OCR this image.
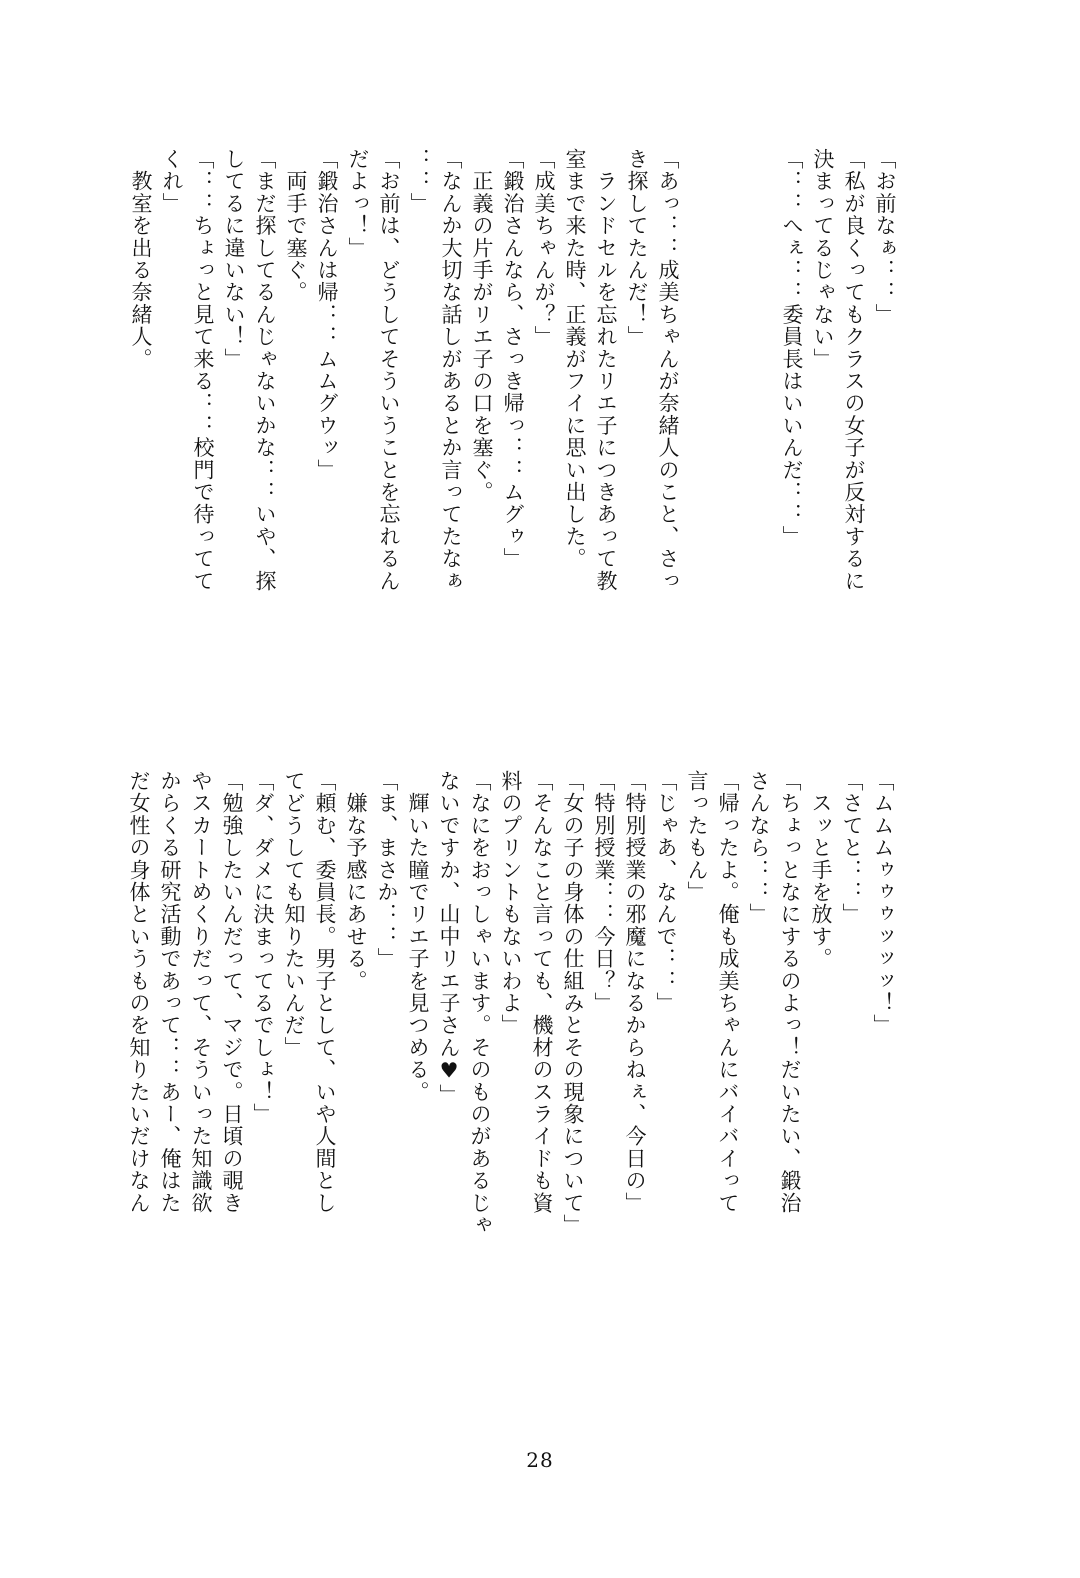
「お前なぁ：：」
「私が良くってもクラスの女子が反対するに
決まってるじゃない」
「：：へぇ：：委員長はいいんだ：：」

「あっ：：成美ちゃんが奈緒人のこと、さっ
き探してたんだ！」
　ランドセルを忘れたリエ子につきあって教
室まで来た時、正義がフイに思い出した。
「成美ちゃんが？」
「鍛治さんなら、さっき帰っ：：ムグゥ」
　正義の片手がリエ子の口を塞ぐ。
「なんか大切な話しがあるとか言ってたなぁ
：：」
「お前は、どうしてそういうことを忘れるん
だよっ！」
「鍛治さんは帰：：ムムグウッ」
　両手で塞ぐ。
「まだ探してるんじゃないかな：：いや、探
してるに違いない！」
「：：ちょっと見て来る：：校門で待ってて
くれ」
　教室を出る奈緒人。
「ムムムゥゥゥッッッ！」
「さてと：：」
　スッと手を放す。
「ちょっとなにするのよっ！だいたい、鍛治
さんなら：：」
「帰ったよ。俺も成美ちゃんにバイバイって
言ったもん」
「じゃあ、なんで：：」
「特別授業の邪魔になるからねぇ、今日の」
「特別授業：：今日？」
「女の子の身体の仕組みとその現象について」
「そんなこと言っても、機材のスライドも資
料のプリントもないわよ」
「なにをおっしゃいます。そのものがあるじゃ
ないですか、山中リエ子さん♥」
　輝いた瞳でリエ子を見つめる。
「ま、まさか：：」
　嫌な予感にあせる。
「頼む、委員長。男子として、いや人間とし
てどうしても知りたいんだ」
「ダ、ダメに決まってるでしょ！」
「勉強したいんだって、マジで。日頃の覗き
やスカートめくりだって、そういった知識欲
からくる研究活動であって：：あー、俺はた
だ女性の身体というものを知りたいだけなん
28
